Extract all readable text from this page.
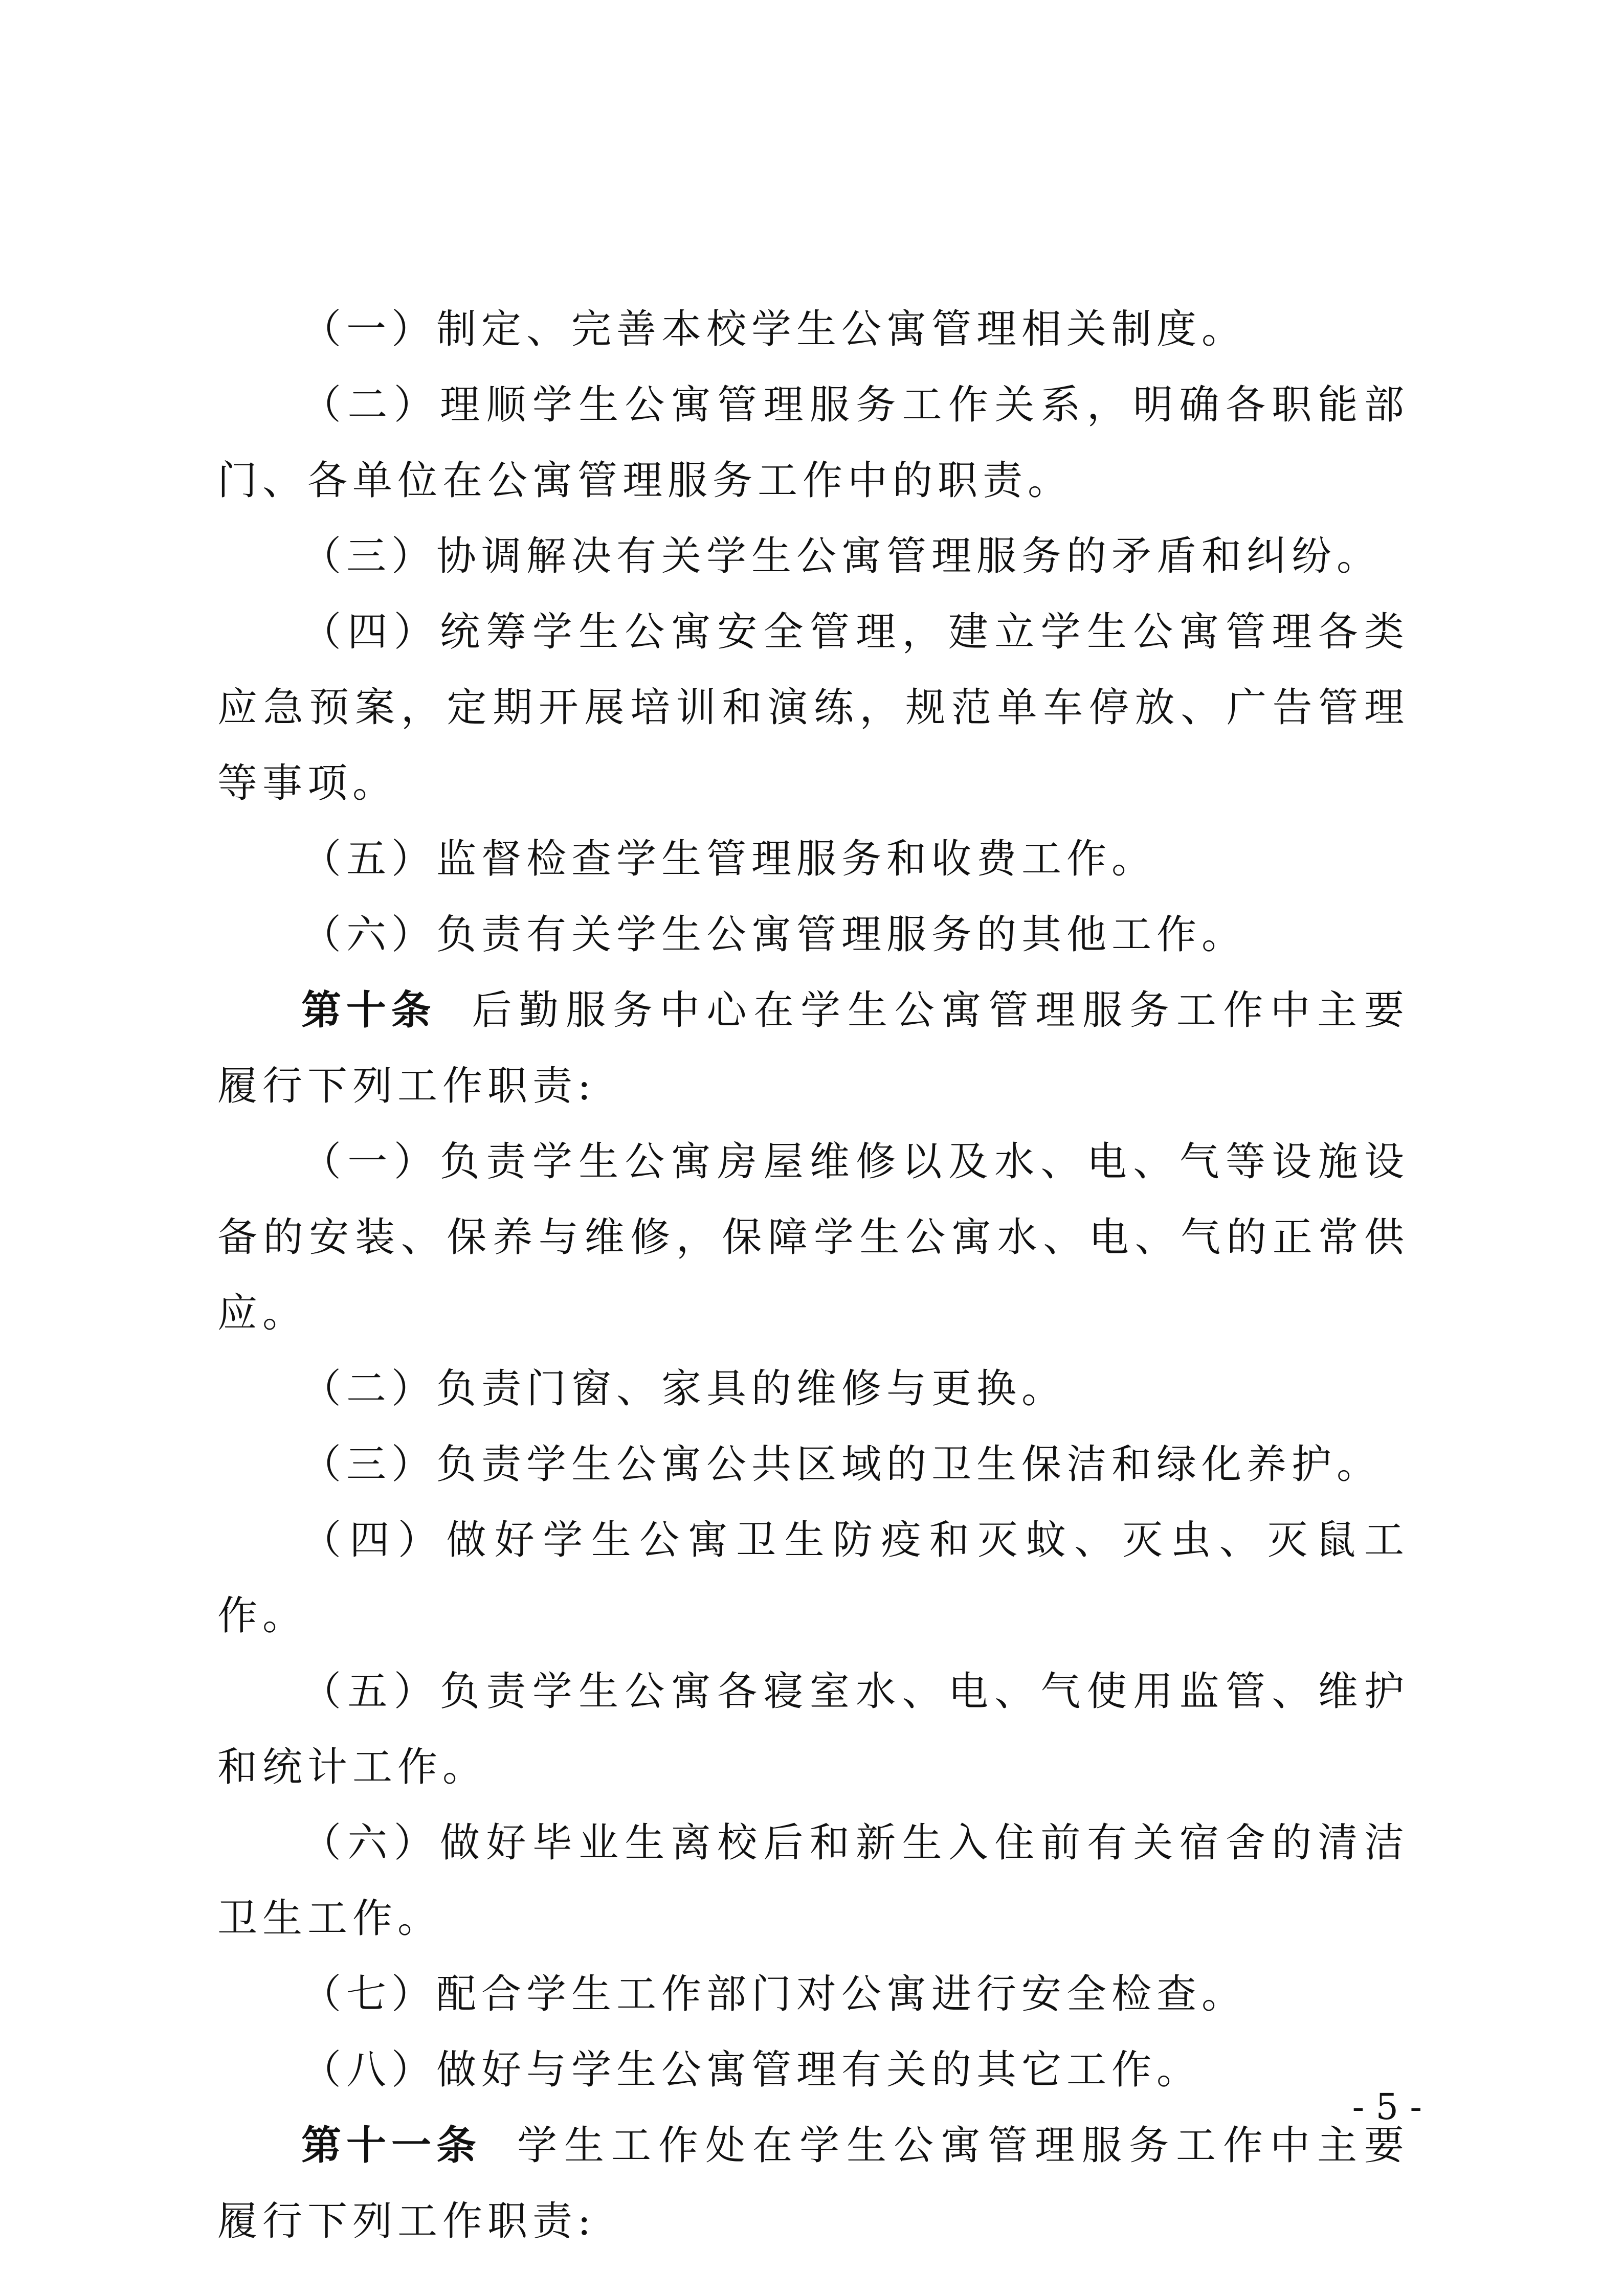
（一）制定、完善本校学生公寓管理相关制度。

（二）理顺学生公寓管理服务工作关系，明确各职能部门、各单位在公寓管理服务工作中的职责。

（三）协调解决有关学生公寓管理服务的矛盾和纠纷。

（四）统筹学生公寓安全管理，建立学生公寓管理各类应急预案，定期开展培训和演练，规范单车停放、广告管理等事项。

（五）监督检查学生管理服务和收费工作。

（六）负责有关学生公寓管理服务的其他工作。

第十条 后勤服务中心在学生公寓管理服务工作中主要履行下列工作职责:

（一）负责学生公寓房屋维修以及水、电、气等设施设备的安装、保养与维修，保障学生公寓水、电、气的正常供应。

（二）负责门窗、家具的维修与更换。

（三）负责学生公寓公共区域的卫生保洁和绿化养护。

（四）做好学生公寓卫生防疫和灭蚊、灭虫、灭鼠工作。

（五）负责学生公寓各寝室水、电、气使用监管、维护和统计工作。

（六）做好毕业生离校后和新生入住前有关宿舍的清洁卫生工作。

（七）配合学生工作部门对公寓进行安全检查。

（八）做好与学生公寓管理有关的其它工作。

第十一条 学生工作处在学生公寓管理服务工作中主要履行下列工作职责:

- 5 -
